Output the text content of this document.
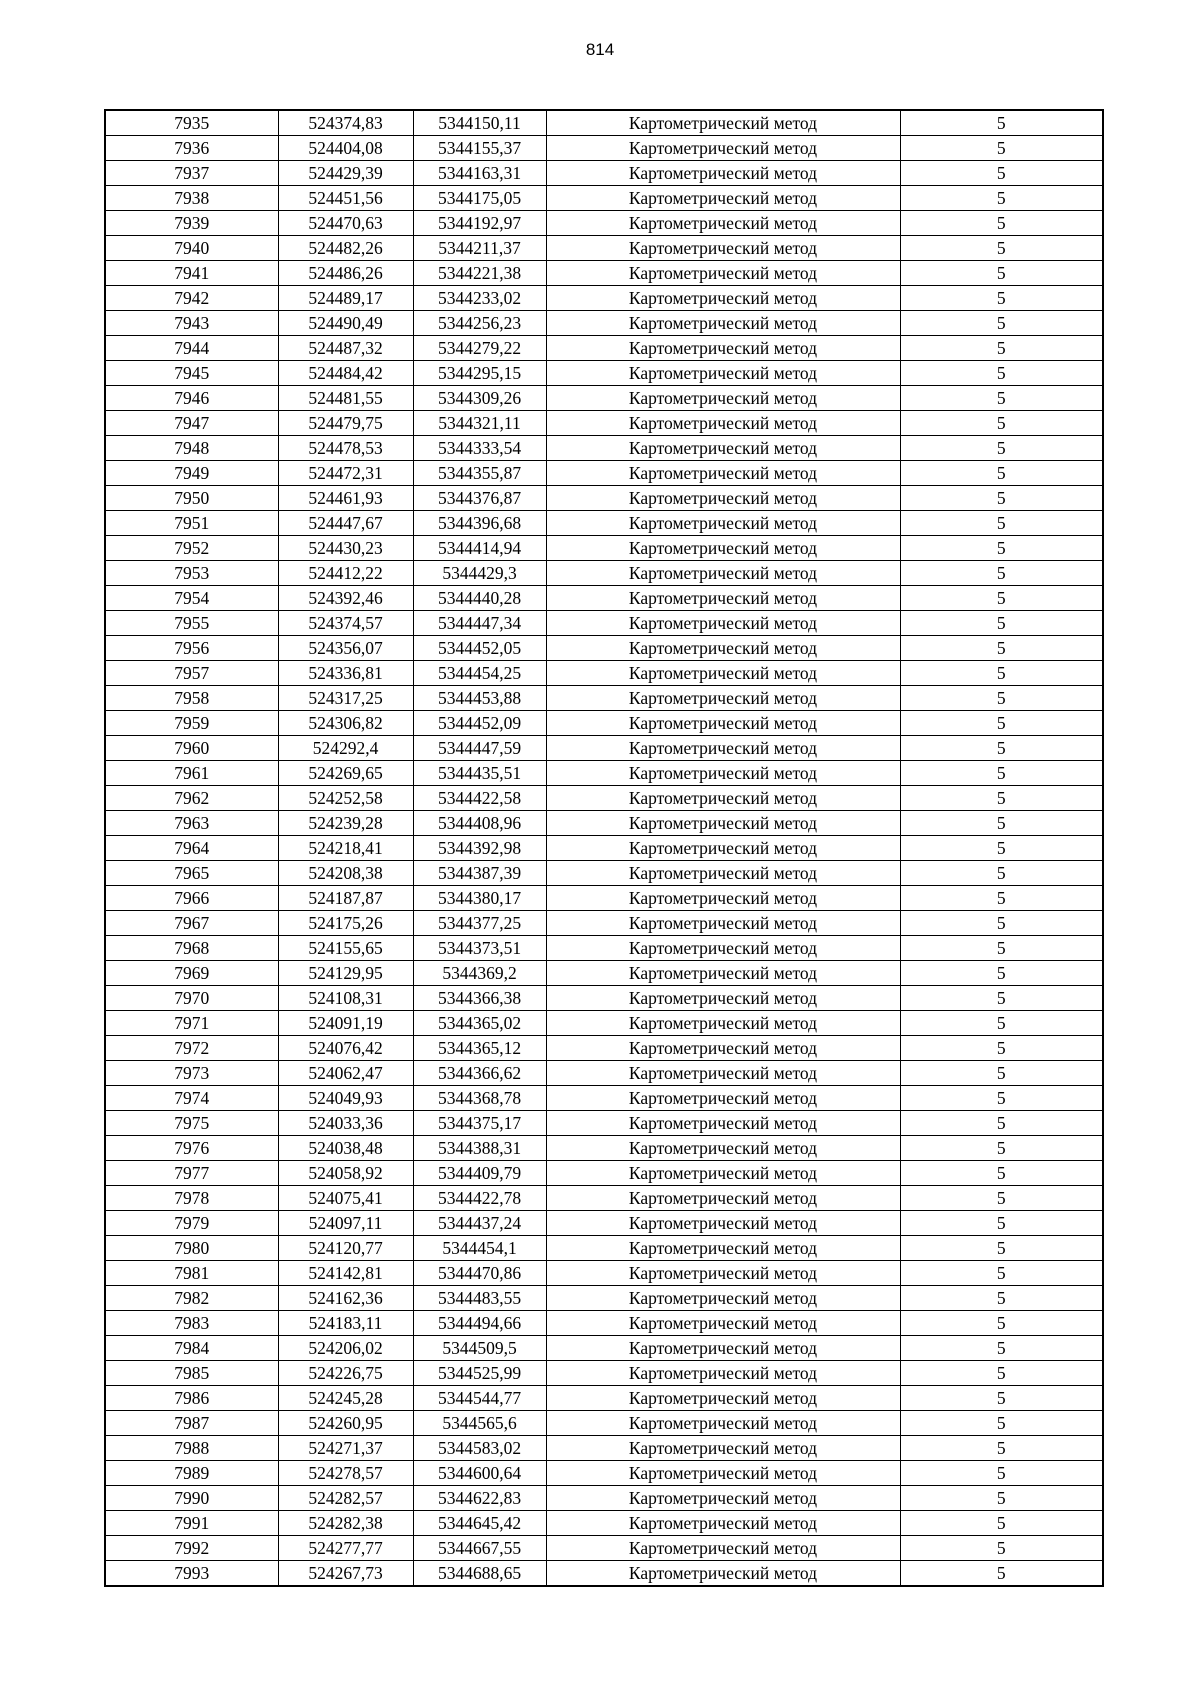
814
7935	524374,83	5344150,11	Картометрический метод	5
7936	524404,08	5344155,37	Картометрический метод	5
7937	524429,39	5344163,31	Картометрический метод	5
7938	524451,56	5344175,05	Картометрический метод	5
7939	524470,63	5344192,97	Картометрический метод	5
7940	524482,26	5344211,37	Картометрический метод	5
7941	524486,26	5344221,38	Картометрический метод	5
7942	524489,17	5344233,02	Картометрический метод	5
7943	524490,49	5344256,23	Картометрический метод	5
7944	524487,32	5344279,22	Картометрический метод	5
7945	524484,42	5344295,15	Картометрический метод	5
7946	524481,55	5344309,26	Картометрический метод	5
7947	524479,75	5344321,11	Картометрический метод	5
7948	524478,53	5344333,54	Картометрический метод	5
7949	524472,31	5344355,87	Картометрический метод	5
7950	524461,93	5344376,87	Картометрический метод	5
7951	524447,67	5344396,68	Картометрический метод	5
7952	524430,23	5344414,94	Картометрический метод	5
7953	524412,22	5344429,3	Картометрический метод	5
7954	524392,46	5344440,28	Картометрический метод	5
7955	524374,57	5344447,34	Картометрический метод	5
7956	524356,07	5344452,05	Картометрический метод	5
7957	524336,81	5344454,25	Картометрический метод	5
7958	524317,25	5344453,88	Картометрический метод	5
7959	524306,82	5344452,09	Картометрический метод	5
7960	524292,4	5344447,59	Картометрический метод	5
7961	524269,65	5344435,51	Картометрический метод	5
7962	524252,58	5344422,58	Картометрический метод	5
7963	524239,28	5344408,96	Картометрический метод	5
7964	524218,41	5344392,98	Картометрический метод	5
7965	524208,38	5344387,39	Картометрический метод	5
7966	524187,87	5344380,17	Картометрический метод	5
7967	524175,26	5344377,25	Картометрический метод	5
7968	524155,65	5344373,51	Картометрический метод	5
7969	524129,95	5344369,2	Картометрический метод	5
7970	524108,31	5344366,38	Картометрический метод	5
7971	524091,19	5344365,02	Картометрический метод	5
7972	524076,42	5344365,12	Картометрический метод	5
7973	524062,47	5344366,62	Картометрический метод	5
7974	524049,93	5344368,78	Картометрический метод	5
7975	524033,36	5344375,17	Картометрический метод	5
7976	524038,48	5344388,31	Картометрический метод	5
7977	524058,92	5344409,79	Картометрический метод	5
7978	524075,41	5344422,78	Картометрический метод	5
7979	524097,11	5344437,24	Картометрический метод	5
7980	524120,77	5344454,1	Картометрический метод	5
7981	524142,81	5344470,86	Картометрический метод	5
7982	524162,36	5344483,55	Картометрический метод	5
7983	524183,11	5344494,66	Картометрический метод	5
7984	524206,02	5344509,5	Картометрический метод	5
7985	524226,75	5344525,99	Картометрический метод	5
7986	524245,28	5344544,77	Картометрический метод	5
7987	524260,95	5344565,6	Картометрический метод	5
7988	524271,37	5344583,02	Картометрический метод	5
7989	524278,57	5344600,64	Картометрический метод	5
7990	524282,57	5344622,83	Картометрический метод	5
7991	524282,38	5344645,42	Картометрический метод	5
7992	524277,77	5344667,55	Картометрический метод	5
7993	524267,73	5344688,65	Картометрический метод	5
